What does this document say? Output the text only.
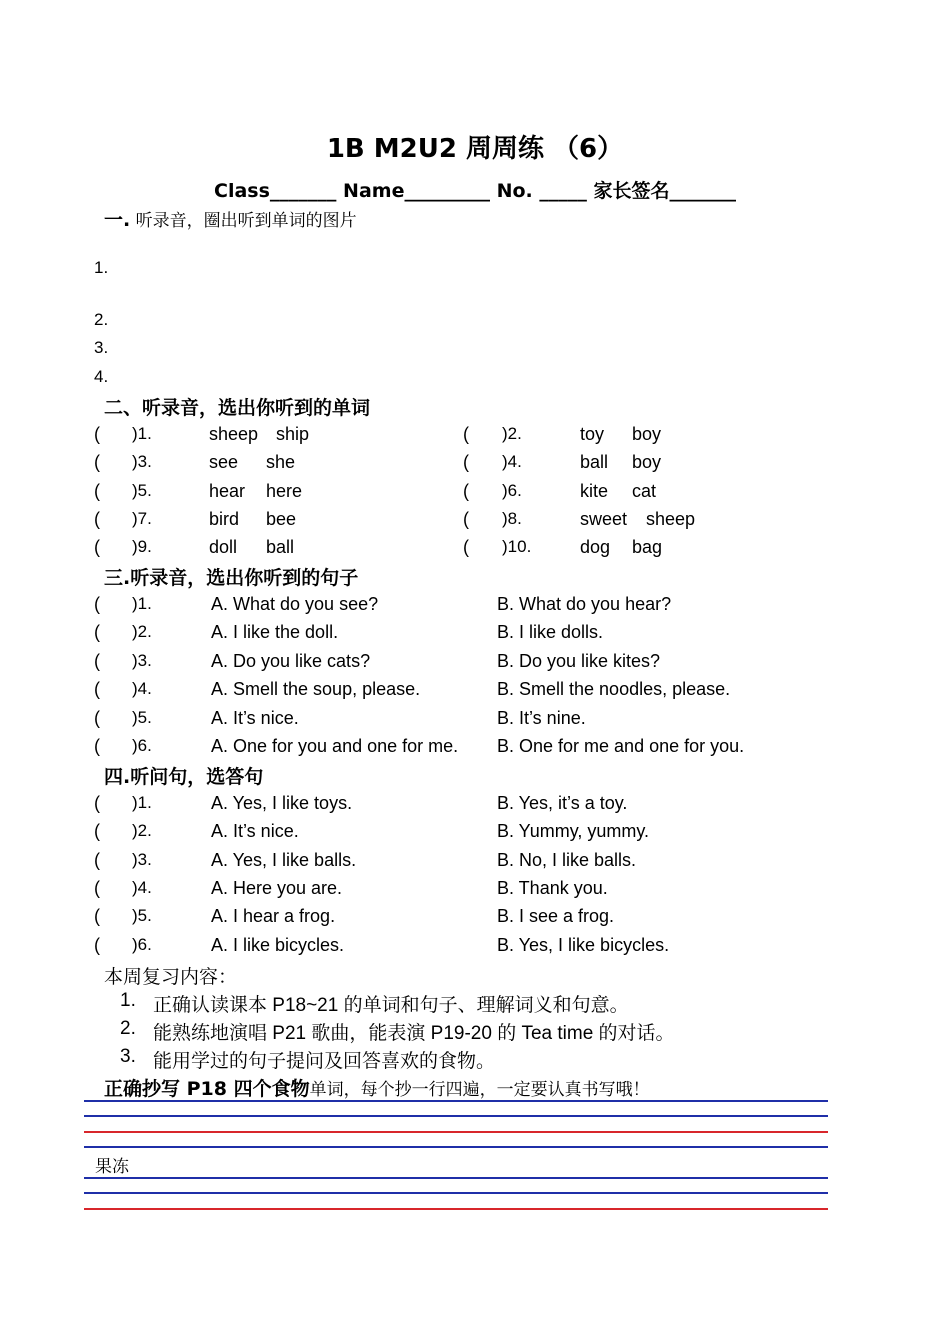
1B M2U2 周周练 （6）
Class_______ Name_________ No. _____ 家长签名_______
一. 听录音，圈出听到单词的图片
1.
2.
3.
4.
二、听录音，选出你听到的单词
( )1.	sheep ship	( )2.	toy boy
( )3.	see she	( )4.	ball boy
( )5.	hear here	( )6.	kite cat
( )7.	bird bee	( )8.	sweet sheep
( )9.	doll ball	( )10.	dog bag
三.听录音，选出你听到的句子
( )1.	A. What do you see?	B. What do you hear?
( )2.	A. I like the doll.	B. I like dolls.
( )3.	A. Do you like cats?	B. Do you like kites?
( )4.	A. Smell the soup, please.	B. Smell the noodles, please.
( )5.	A. It’s nice.	B. It’s nine.
( )6.	A. One for you and one for me. B. One for me and one for you.
四.听问句，选答句
( )1.	A. Yes, I like toys.	B. Yes, it’s a toy.
( )2.	A. It’s nice.	B. Yummy, yummy.
( )3.	A. Yes, I like balls.	B. No, I like balls.
( )4.	A. Here you are.	B. Thank you.
( )5.	A. I hear a frog.	B. I see a frog.
( )6.	A. I like bicycles.	B. Yes, I like bicycles.
本周复习内容：
1. 正确认读课本 P18~21 的单词和句子、理解词义和句意。
2. 能熟练地演唱 P21 歌曲，能表演 P19-20 的 Tea time 的对话。
3. 能用学过的句子提问及回答喜欢的食物。
正确抄写 P18 四个食物单词，每个抄一行四遍，一定要认真书写哦！
果冻
